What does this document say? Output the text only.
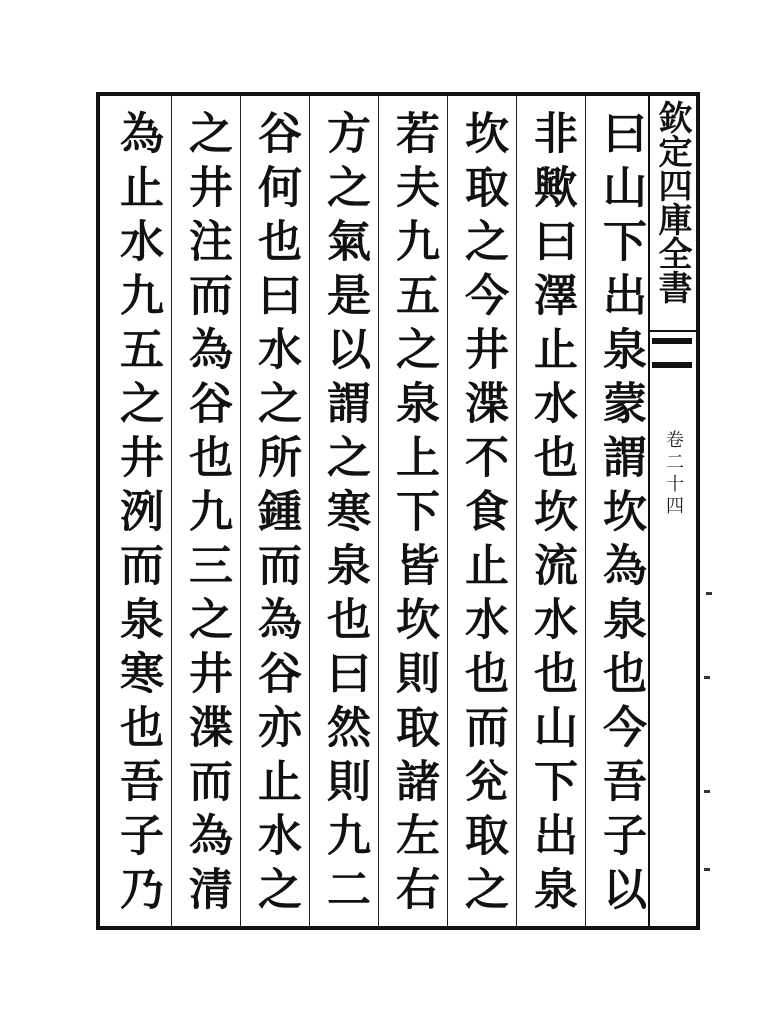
曰山下出泉蒙謂坎為泉也今吾子以
非歟曰澤止水也坎流水也山下出泉
坎取之今井渫不食止水也而兊取之
若夫九五之泉上下皆坎則取諸左右
方之氣是以謂之寒泉也曰然則九二
谷何也曰水之所鍾而為谷亦止水之
之井注而為谷也九三之井渫而為清
為止水九五之井洌而泉寒也吾子乃
欽定四庫全書
卷二十四
